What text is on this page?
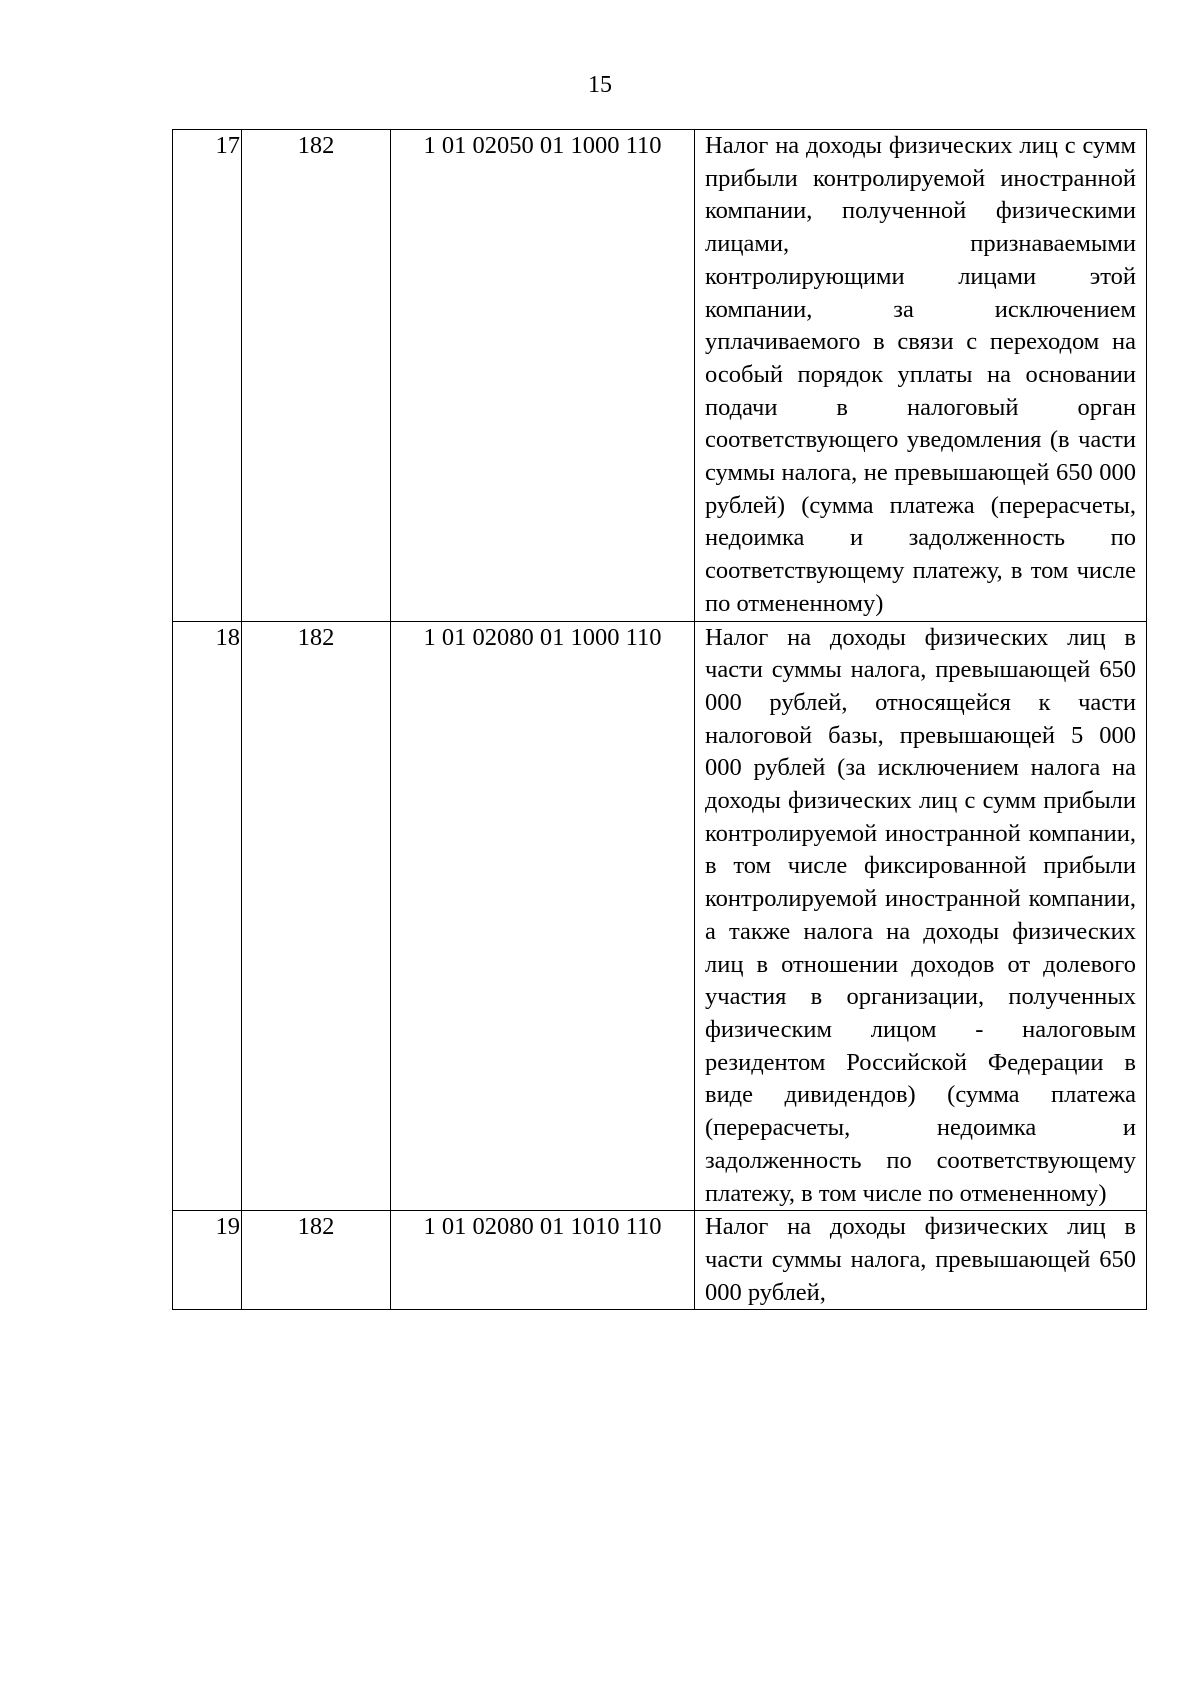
15
17	182	1 01 02050 01 1000 110	Налог на доходы физических лиц с сумм прибыли контролируемой иностранной компании, полученной физическими лицами, признаваемыми контролирующими лицами этой компании, за исключением уплачиваемого в связи с переходом на особый порядок уплаты на основании подачи в налоговый орган соответствующего уведомления (в части суммы налога, не превышающей 650 000 рублей) (сумма платежа (перерасчеты, недоимка и задолженность по соответствующему платежу, в том числе по отмененному)

18	182	1 01 02080 01 1000 110	Налог на доходы физических лиц в части суммы налога, превышающей 650 000 рублей, относящейся к части налоговой базы, превышающей 5 000 000 рублей (за исключением налога на доходы физических лиц с сумм прибыли контролируемой иностранной компании, в том числе фиксированной прибыли контролируемой иностранной компании, а также налога на доходы физических лиц в отношении доходов от долевого участия в организации, полученных физическим лицом - налоговым резидентом Российской Федерации в виде дивидендов) (сумма платежа (перерасчеты, недоимка и задолженность по соответствующему платежу, в том числе по отмененному)

19	182	1 01 02080 01 1010 110	Налог на доходы физических лиц в части суммы налога, превышающей 650 000 рублей,
